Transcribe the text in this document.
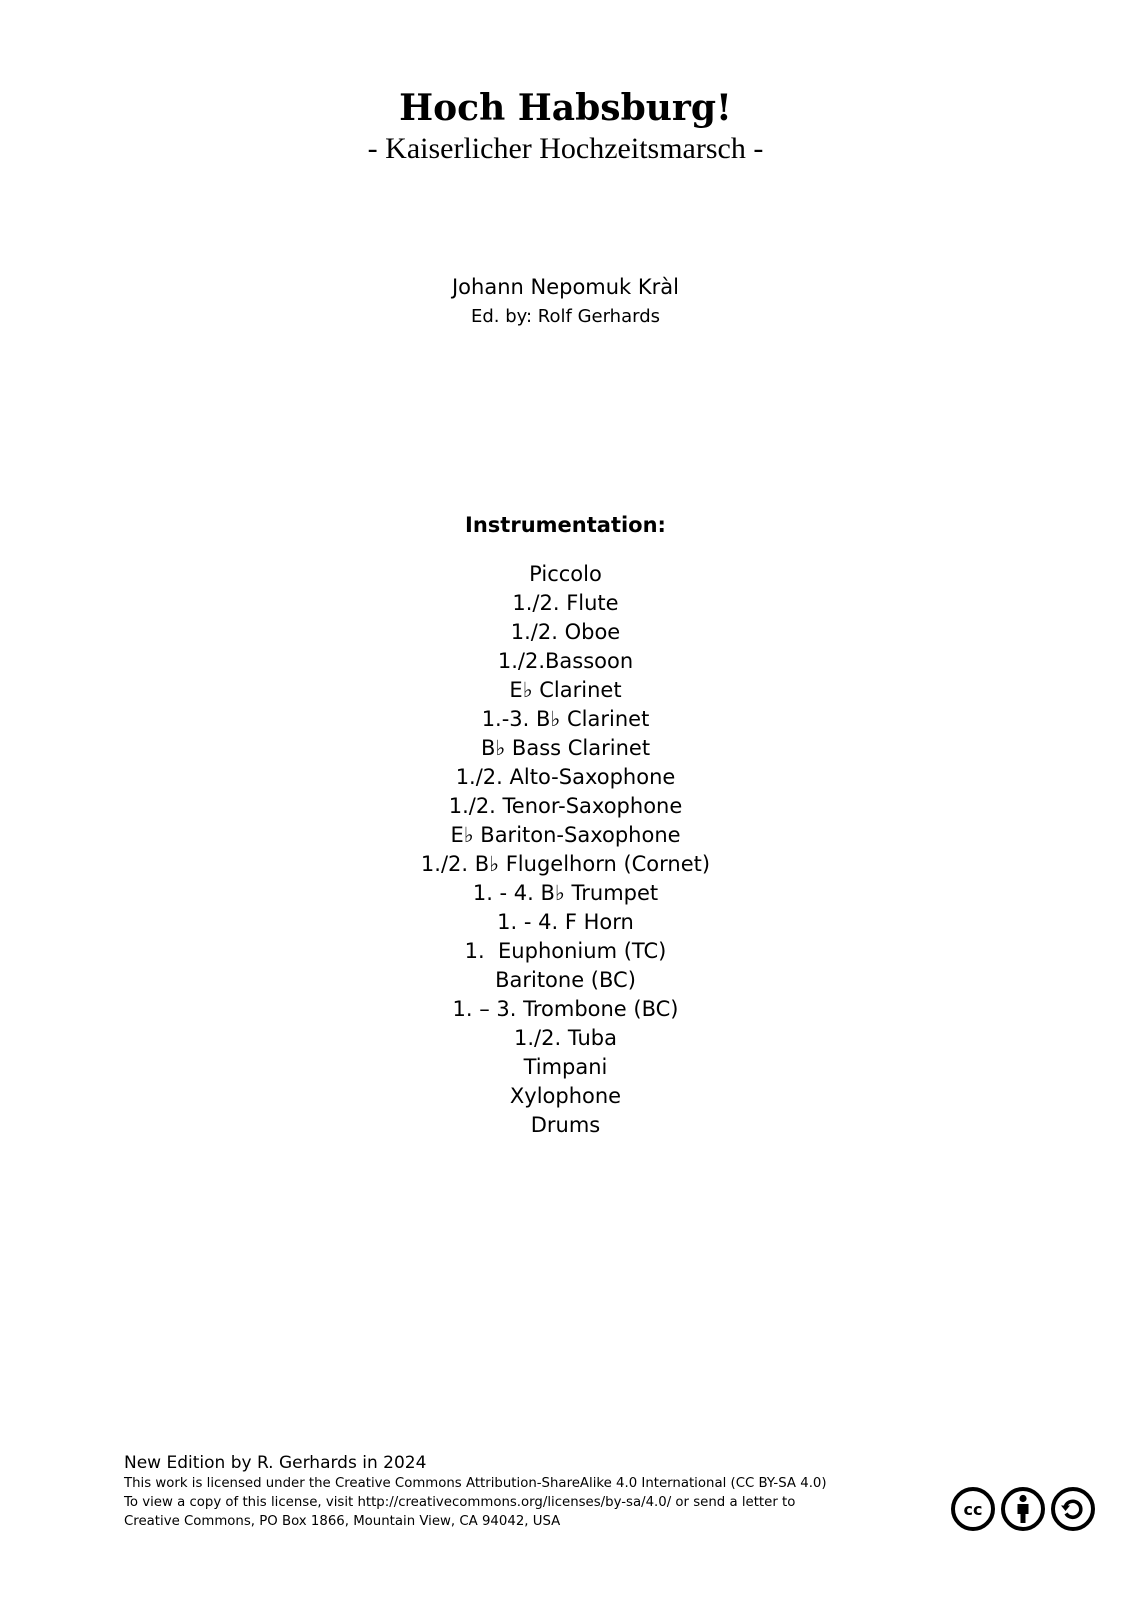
Hoch Habsburg!
- Kaiserlicher Hochzeitsmarsch -
Johann Nepomuk Kràl
Ed. by: Rolf Gerhards
Instrumentation:
Piccolo
1./2. Flute
1./2. Oboe
1./2.Bassoon
E♭ Clarinet
1.-3. B♭ Clarinet
B♭ Bass Clarinet
1./2. Alto-Saxophone
1./2. Tenor-Saxophone
E♭ Bariton-Saxophone
1./2. B♭ Flugelhorn (Cornet)
1. - 4. B♭ Trumpet
1. - 4. F Horn
1.  Euphonium (TC)
Baritone (BC)
1. – 3. Trombone (BC)
1./2. Tuba
Timpani
Xylophone
Drums
New Edition by R. Gerhards in 2024
This work is licensed under the Creative Commons Attribution-ShareAlike 4.0 International (CC BY-SA 4.0)
To view a copy of this license, visit http://creativecommons.org/licenses/by-sa/4.0/ or send a letter to
Creative Commons, PO Box 1866, Mountain View, CA 94042, USA
cc
